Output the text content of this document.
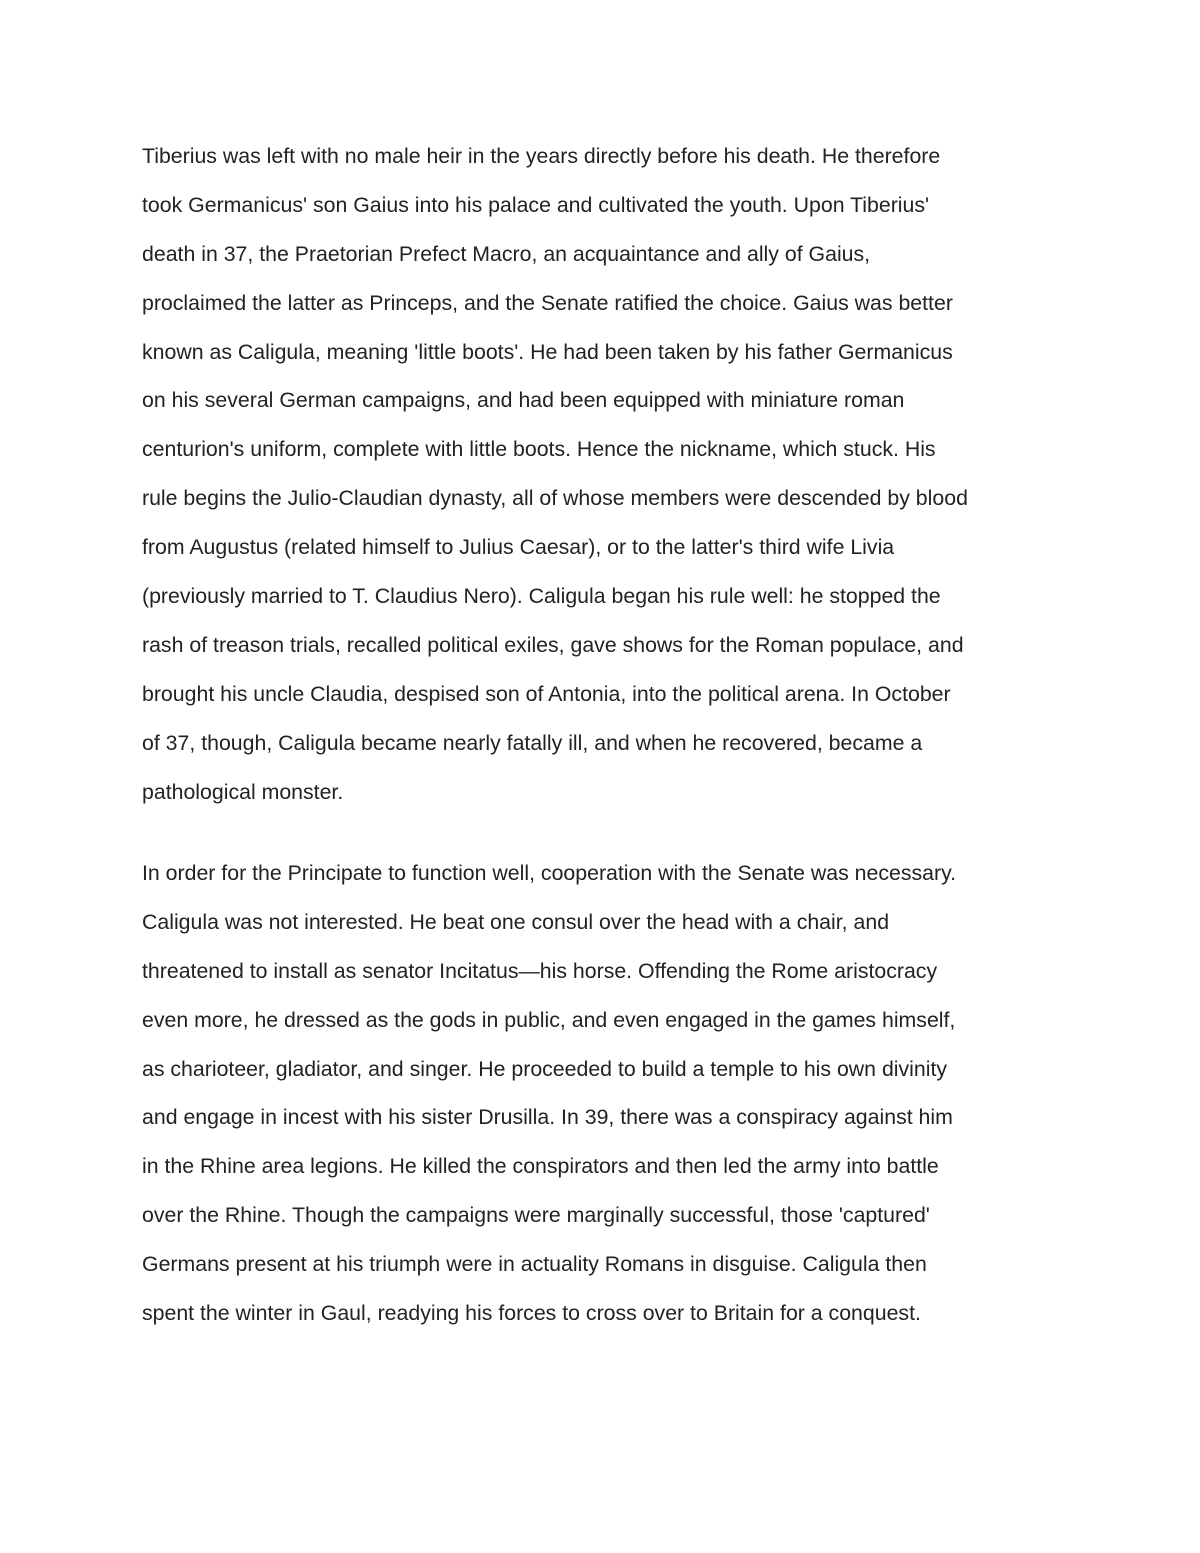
Tiberius was left with no male heir in the years directly before his death. He therefore
took Germanicus' son Gaius into his palace and cultivated the youth. Upon Tiberius'
death in 37, the Praetorian Prefect Macro, an acquaintance and ally of Gaius,
proclaimed the latter as Princeps, and the Senate ratified the choice. Gaius was better
known as Caligula, meaning 'little boots'. He had been taken by his father Germanicus
on his several German campaigns, and had been equipped with miniature roman
centurion's uniform, complete with little boots. Hence the nickname, which stuck. His
rule begins the Julio-Claudian dynasty, all of whose members were descended by blood
from Augustus (related himself to Julius Caesar), or to the latter's third wife Livia
(previously married to T. Claudius Nero). Caligula began his rule well: he stopped the
rash of treason trials, recalled political exiles, gave shows for the Roman populace, and
brought his uncle Claudia, despised son of Antonia, into the political arena. In October
of 37, though, Caligula became nearly fatally ill, and when he recovered, became a
pathological monster.
In order for the Principate to function well, cooperation with the Senate was necessary.
Caligula was not interested. He beat one consul over the head with a chair, and
threatened to install as senator Incitatus—his horse. Offending the Rome aristocracy
even more, he dressed as the gods in public, and even engaged in the games himself,
as charioteer, gladiator, and singer. He proceeded to build a temple to his own divinity
and engage in incest with his sister Drusilla. In 39, there was a conspiracy against him
in the Rhine area legions. He killed the conspirators and then led the army into battle
over the Rhine. Though the campaigns were marginally successful, those 'captured'
Germans present at his triumph were in actuality Romans in disguise. Caligula then
spent the winter in Gaul, readying his forces to cross over to Britain for a conquest.
